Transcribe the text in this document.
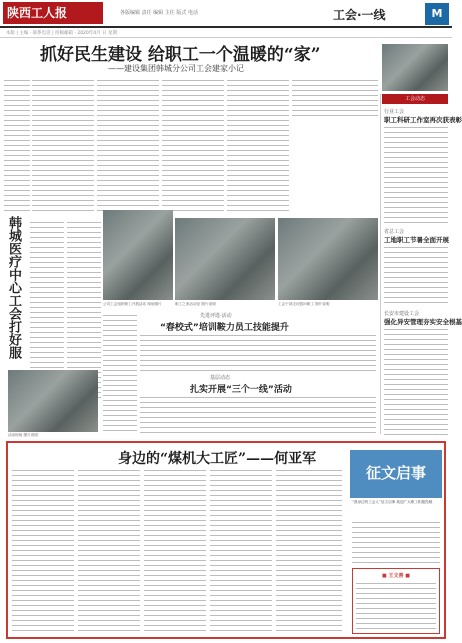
陕西工人报	各版编辑 责任 编辑 主任 版式 电话	工会·一线	M
本版 | 主编 · 联系电话 | 投稿邮箱 · 2020年4月 日 星期
抓好民生建设 给职工一个温暖的“家”
——建设集团韩城分公司工会建家小记
韩城医疗中心工会打好服
职工之家活动室 图片说明	工会干部走访慰问职工 图片说明
活动现场 图片说明
公司工会组织职工开展活动 现场图片
先进评选·活动
“春校式”培训鞍力员工技能提升
基层动态
扎实开展“三个一线”活动
工会动态
行业工会
职工科研工作室再次获表彰
省总工会
工地职工节暑全面开展
长安市建设工会
强化异安管理夯实安全根基
身边的“煤机大工匠”——何亚军
征文启事
“我身边的工会人”征文启事 欢迎广大职工积极投稿
■ 王文善 ■
